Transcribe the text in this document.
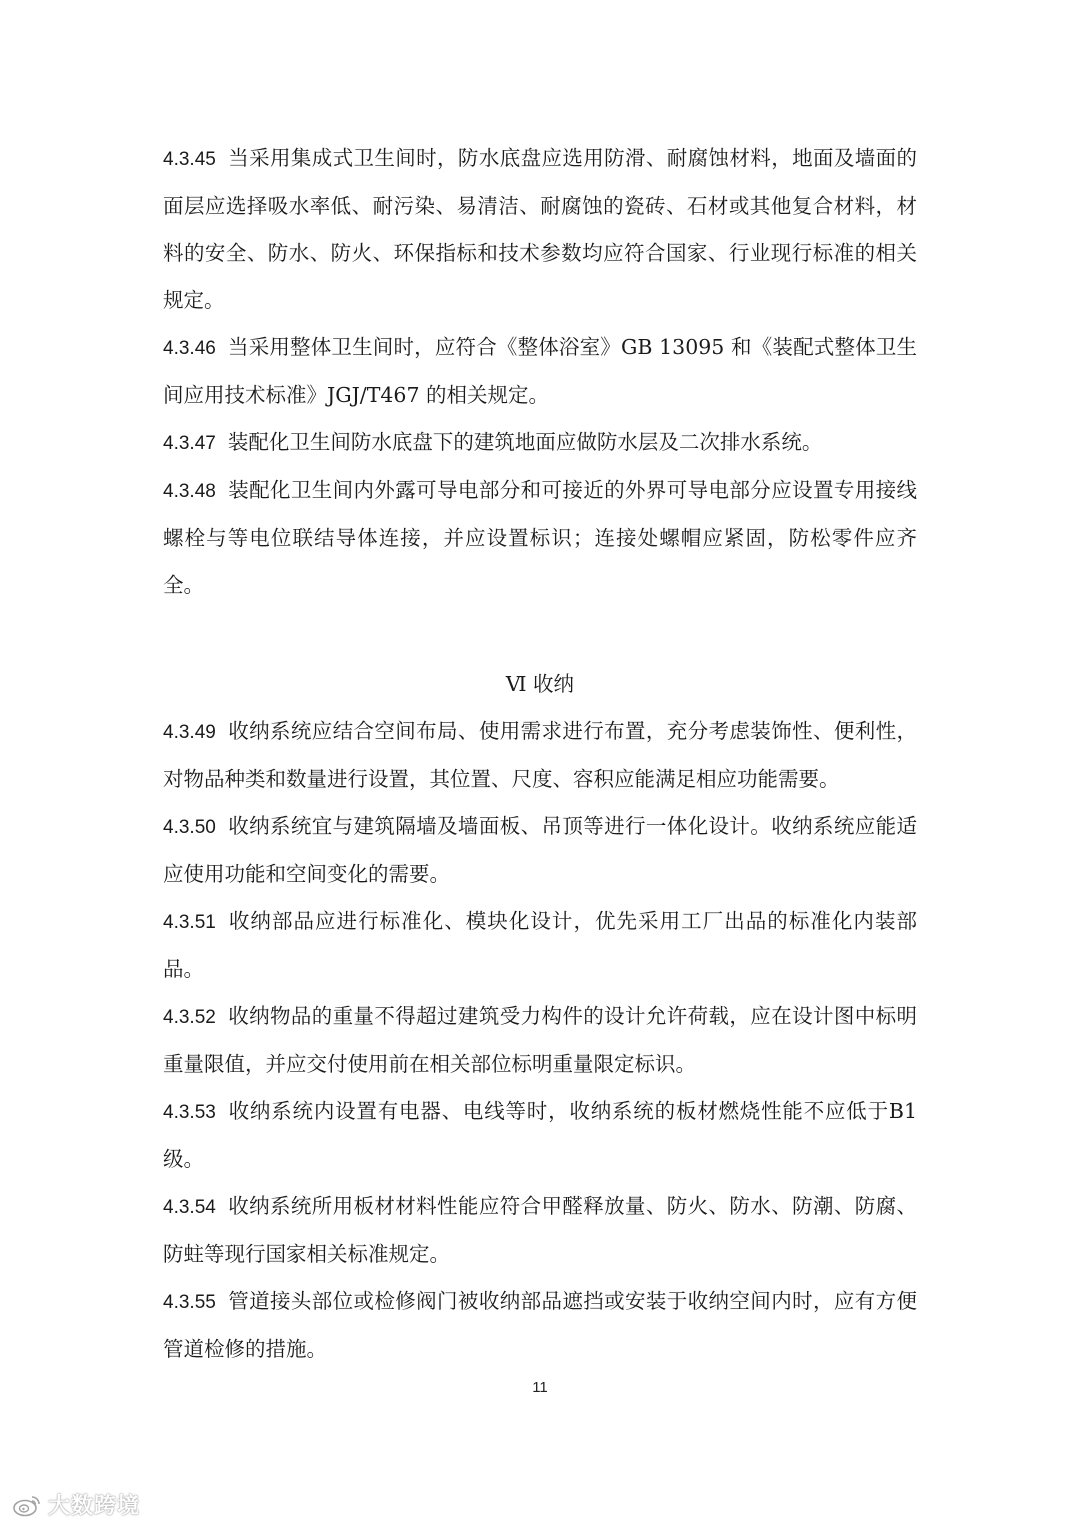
4.3.45 当采用集成式卫生间时，防水底盘应选用防滑、耐腐蚀材料，地面及墙面的面层应选择吸水率低、耐污染、易清洁、耐腐蚀的瓷砖、石材或其他复合材料，材料的安全、防水、防火、环保指标和技术参数均应符合国家、行业现行标准的相关规定。

4.3.46 当采用整体卫生间时，应符合《整体浴室》GB 13095 和《装配式整体卫生间应用技术标准》JGJ/T467 的相关规定。

4.3.47 装配化卫生间防水底盘下的建筑地面应做防水层及二次排水系统。

4.3.48 装配化卫生间内外露可导电部分和可接近的外界可导电部分应设置专用接线螺栓与等电位联结导体连接，并应设置标识；连接处螺帽应紧固，防松零件应齐全。

Ⅵ 收纳

4.3.49 收纳系统应结合空间布局、使用需求进行布置，充分考虑装饰性、便利性，对物品种类和数量进行设置，其位置、尺度、容积应能满足相应功能需要。

4.3.50 收纳系统宜与建筑隔墙及墙面板、吊顶等进行一体化设计。收纳系统应能适应使用功能和空间变化的需要。

4.3.51 收纳部品应进行标准化、模块化设计，优先采用工厂出品的标准化内装部品。

4.3.52 收纳物品的重量不得超过建筑受力构件的设计允许荷载，应在设计图中标明重量限值，并应交付使用前在相关部位标明重量限定标识。

4.3.53 收纳系统内设置有电器、电线等时，收纳系统的板材燃烧性能不应低于B1 级。

4.3.54 收纳系统所用板材材料性能应符合甲醛释放量、防火、防水、防潮、防腐、防蛀等现行国家相关标准规定。

4.3.55 管道接头部位或检修阀门被收纳部品遮挡或安装于收纳空间内时，应有方便管道检修的措施。

11
大数跨境
